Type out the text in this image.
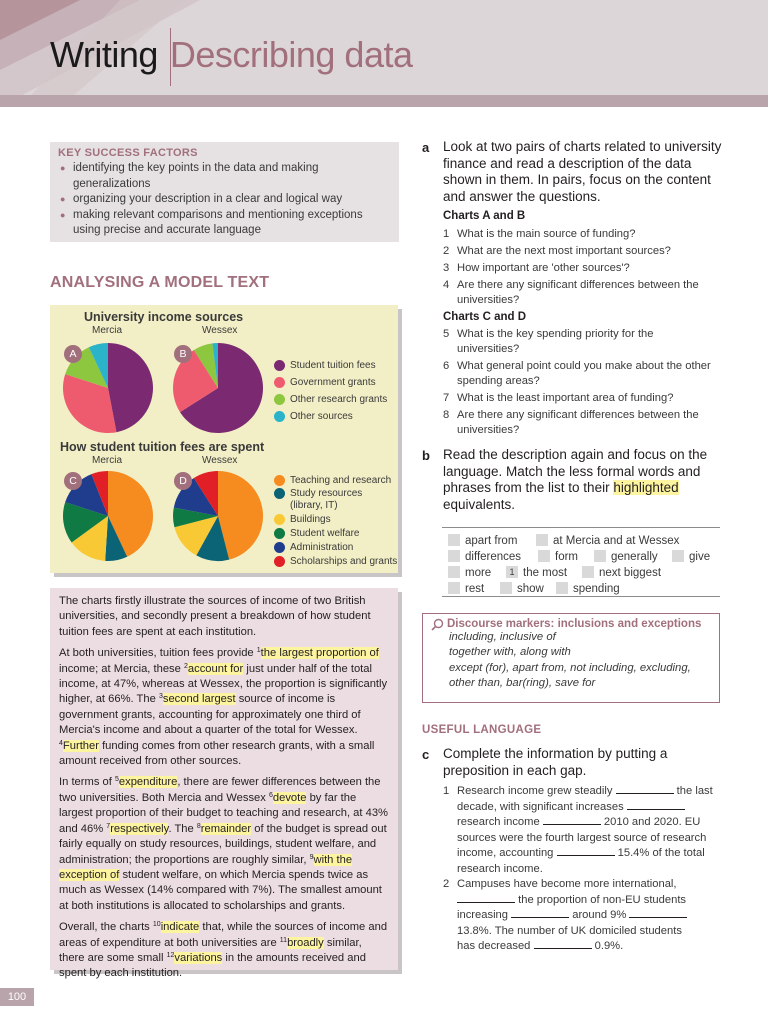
Writing Describing data
KEY SUCCESS FACTORS
● identifying the key points in the data and making generalizations
● organizing your description in a clear and logical way
● making relevant comparisons and mentioning exceptions using precise and accurate language
ANALYSING A MODEL TEXT
University income sources
Mercia	Wessex
A	B
Student tuition fees
Government grants
Other research grants
Other sources
How student tuition fees are spent
Mercia	Wessex
C	D	Teaching and research
Study resources (library, IT)
Buildings
Student welfare
Administration
Scholarships and grants

The charts firstly illustrate the sources of income of two British universities, and secondly present a breakdown of how student tuition fees are spent at each institution.

At both universities, tuition fees provide $^1$the largest proportion of income; at Mercia, these $^2$account for just under half of the total income, at 47%, whereas at Wessex, the proportion is significantly higher, at 66%. The $^3$second largest source of income is government grants, accounting for approximately one third of Mercia's income and about a quarter of the total for Wessex. $^4$Further funding comes from other research grants, with a small amount received from other sources.

In terms of $^5$expenditure, there are fewer differences between the two universities. Both Mercia and Wessex $^6$devote by far the largest proportion of their budget to teaching and research, at 43% and 46% $^7$respectively. The $^8$remainder of the budget is spread out fairly equally on study resources, buildings, student welfare, and administration; the proportions are roughly similar, $^9$with the exception of student welfare, on which Mercia spends twice as much as Wessex (14% compared with 7%). The smallest amount at both institutions is allocated to scholarships and grants.

Overall, the charts $^{10}$indicate that, while the sources of income and areas of expenditure at both universities are $^{11}$broadly similar, there are some small $^{12}$variations in the amounts received and spent by each institution.

a Look at two pairs of charts related to university finance and read a description of the data shown in them. In pairs, focus on the content and answer the questions.
Charts A and B
1 What is the main source of funding?
2 What are the next most important sources?
3 How important are 'other sources'?
4 Are there any significant differences between the universities?
Charts C and D
5 What is the key spending priority for the universities?
6 What general point could you make about the other spending areas?
7 What is the least important area of funding?
8 Are there any significant differences between the universities?
b Read the description again and focus on the language. Match the less formal words and phrases from the list to their highlighted equivalents.
apart from	at Mercia and at Wessex
differences	form	generally	give
more	1 the most	next biggest
rest	show	spending
Discourse markers: inclusions and exceptions
including, inclusive of
together with, along with
except (for), apart from, not including, excluding,
other than, bar(ring), save for
USEFUL LANGUAGE
c Complete the information by putting a preposition in each gap.
1 Research income grew steadily	the last decade, with significant increases  research income	2010 and 2020. EU sources were the fourth largest source of research income, accounting	15.4% of the total research income.
2 Campuses have become more international,  the proportion of non-EU students increasing	around 9%  13.8%. The number of UK domiciled students has decreased	0.9%.
100
